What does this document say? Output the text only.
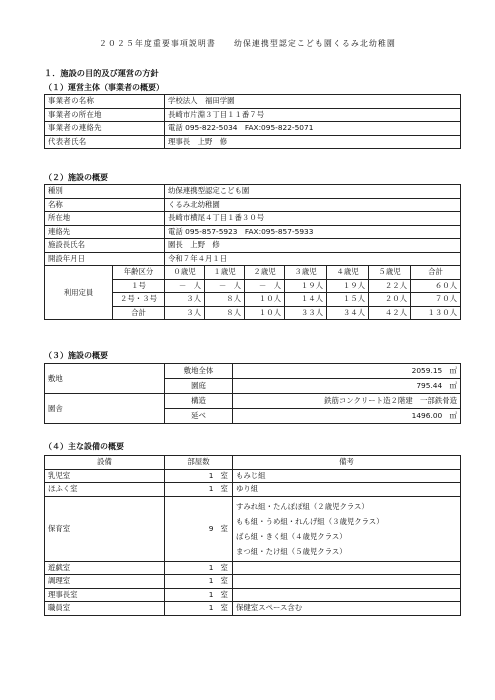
２０２５年度重要事項説明書　　幼保連携型認定こども園くるみ北幼稚園
１．施設の目的及び運営の方針
（１）運営主体（事業者の概要）
事業者の名称	学校法人　福田学園
事業者の所在地	長崎市片淵３丁目１１番７号
事業者の連絡先	電話 095-822-5034　FAX:095-822-5071
代表者氏名	理事長　上野　修
（２）施設の概要
種別		幼保連携型認定こども園						
名称		くるみ北幼稚園						
所在地		長崎市横尾４丁目１番３０号						
連絡先		電話 095-857-5923　FAX:095-857-5933						
施設長氏名		園長　上野　修						
開設年月日		令和７年４月１日						
利用定員	年齢区分	０歳児	１歳児	２歳児	３歳児	４歳児	５歳児	合計
	１号	－　人	－　人	－　人	１９人	１９人	２２人	６０人
	２号・３号	３人	８人	１０人	１４人	１５人	２０人	７０人
	合計	３人	８人	１０人	３３人	３４人	４２人	１３０人
（３）施設の概要
敷地	敷地全体	2059.15　㎡
	園庭	795.44　㎡
園舎	構造	鉄筋コンクリート造２階建　一部鉄骨造
	延べ	1496.00　㎡
（４）主な設備の概要
設備	部屋数		備考
乳児室	1	室	もみじ組
ほふく室	1	室	ゆり組
保育室	9	室	すみれ組・たんぽぽ組（２歳児クラス）
もも組・うめ組・れんげ組（３歳児クラス）
ばら組・きく組（４歳児クラス）
まつ組・たけ組（５歳児クラス）

遊戯室	1	室	
調理室	1	室	
理事長室	1	室	
職員室	1	室	保健室スペース含む
